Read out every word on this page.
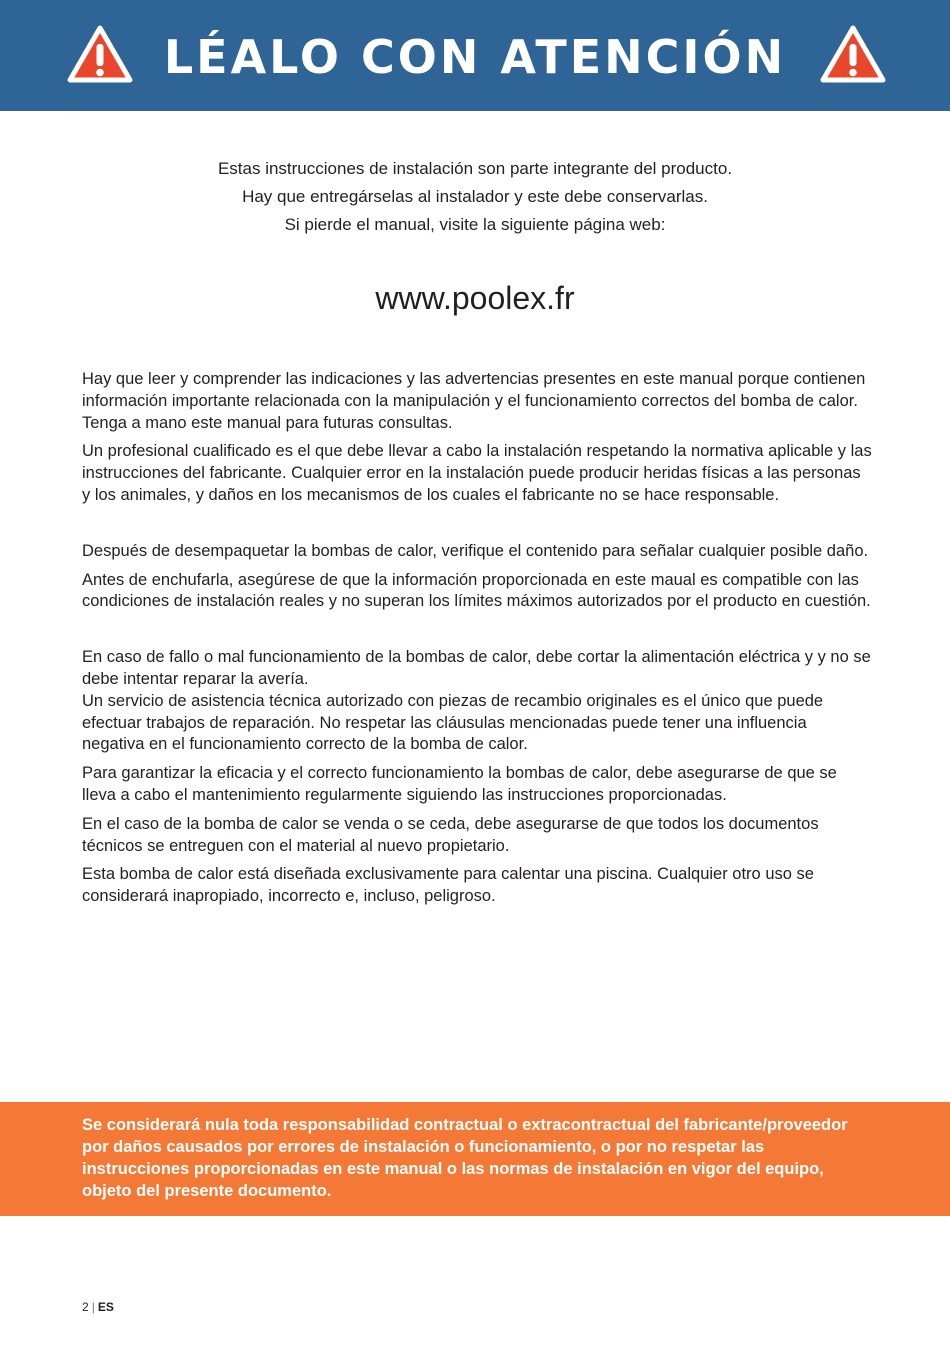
LÉALO CON ATENCIÓN

Estas instrucciones de instalación son parte integrante del producto.

Hay que entregárselas al instalador y este debe conservarlas.

Si pierde el manual, visite la siguiente página web:

www.poolex.fr

Hay que leer y comprender las indicaciones y las advertencias presentes en este manual porque contienen información importante relacionada con la manipulación y el funcionamiento correctos del bomba de calor. Tenga a mano este manual para futuras consultas.

Un profesional cualificado es el que debe llevar a cabo la instalación respetando la normativa aplicable y las instrucciones del fabricante. Cualquier error en la instalación puede producir heridas físicas a las personas y los animales, y daños en los mecanismos de los cuales el fabricante no se hace responsable.

Después de desempaquetar la bombas de calor, verifique el contenido para señalar cualquier posible daño.

Antes de enchufarla, asegúrese de que la información proporcionada en este maual es compatible con las condiciones de instalación reales y no superan los límites máximos autorizados por el producto en cuestión.

En caso de fallo o mal funcionamiento de la bombas de calor, debe cortar la alimentación eléctrica y y no se debe intentar reparar la avería.

Un servicio de asistencia técnica autorizado con piezas de recambio originales es el único que puede efectuar trabajos de reparación. No respetar las cláusulas mencionadas puede tener una influencia negativa en el funcionamiento correcto de la bomba de calor.

Para garantizar la eficacia y el correcto funcionamiento la bombas de calor, debe asegurarse de que se lleva a cabo el mantenimiento regularmente siguiendo las instrucciones proporcionadas.

En el caso de la bomba de calor se venda o se ceda, debe asegurarse de que todos los documentos técnicos se entreguen con el material al nuevo propietario.

Esta bomba de calor está diseñada exclusivamente para calentar una piscina. Cualquier otro uso se considerará inapropiado, incorrecto e, incluso, peligroso.

Se considerará nula toda responsabilidad contractual o extracontractual del fabricante/proveedor por daños causados por errores de instalación o funcionamiento, o por no respetar las instrucciones proporcionadas en este manual o las normas de instalación en vigor del equipo, objeto del presente documento.
2 | ES
